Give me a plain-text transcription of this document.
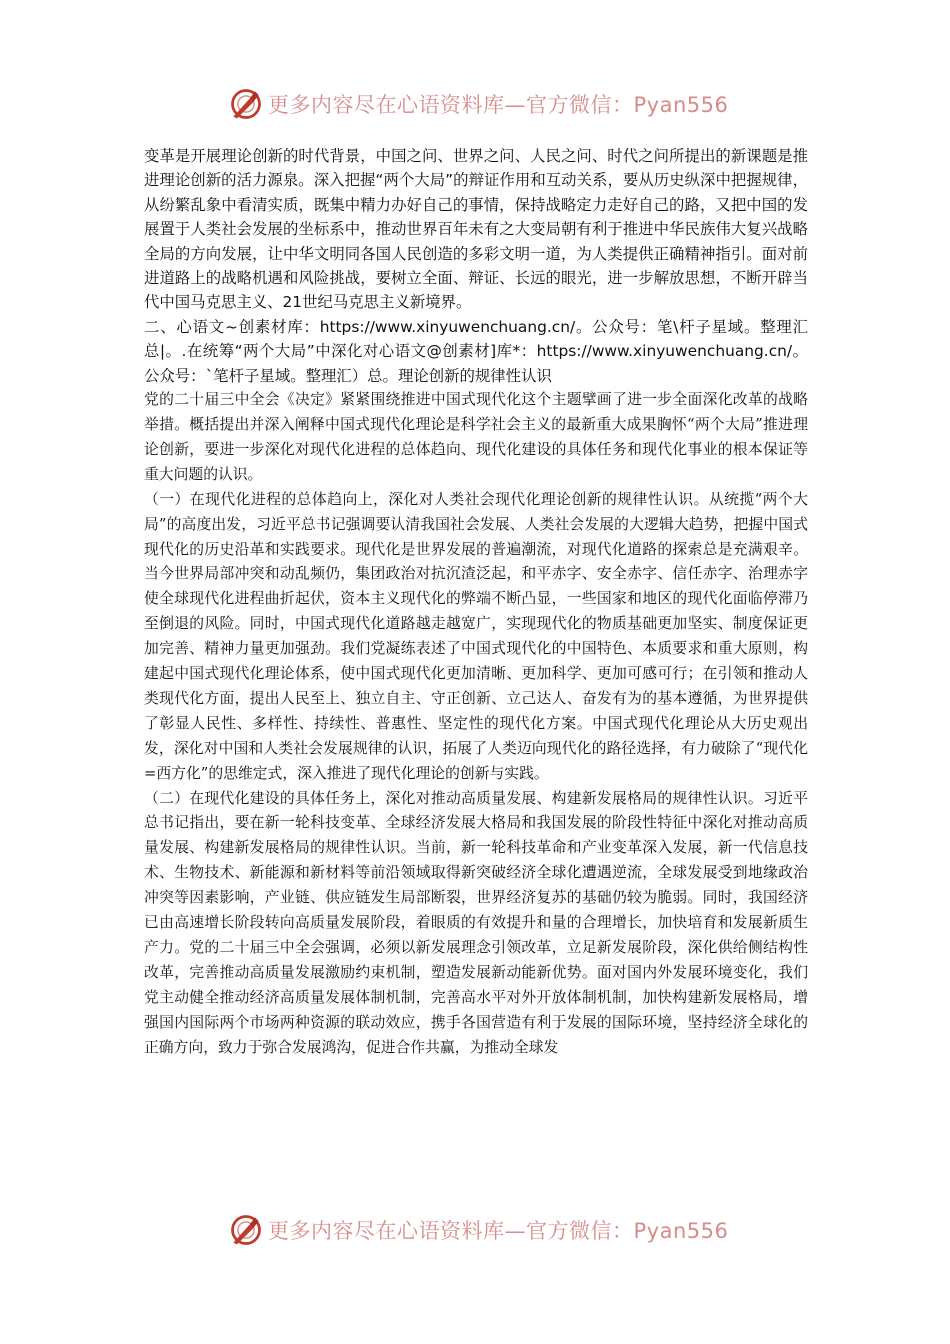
更多内容尽在心语资料库—官方微信：Pyan556

变革是开展理论创新的时代背景，中国之问、世界之问、人民之问、时代之问所提出的新课题是推进理论创新的活力源泉。深入把握“两个大局”的辩证作用和互动关系，要从历史纵深中把握规律，从纷繁乱象中看清实质，既集中精力办好自己的事情，保持战略定力走好自己的路，又把中国的发展置于人类社会发展的坐标系中，推动世界百年未有之大变局朝有利于推进中华民族伟大复兴战略全局的方向发展，让中华文明同各国人民创造的多彩文明一道，为人类提供正确精神指引。面对前进道路上的战略机遇和风险挑战，要树立全面、辩证、长远的眼光，进一步解放思想，不断开辟当代中国马克思主义、21世纪马克思主义新境界。

二、心语文~创素材库：https://www.xinyuwenchuang.cn/。公众号：笔\杆子星域。整理汇总|。.在统筹“两个大局”中深化对心语文@创素材]库*：https://www.xinyuwenchuang.cn/。公众号：`笔杆子星域。整理汇）总。理论创新的规律性认识

党的二十届三中全会《决定》紧紧围绕推进中国式现代化这个主题擘画了进一步全面深化改革的战略举措。概括提出并深入阐释中国式现代化理论是科学社会主义的最新重大成果胸怀“两个大局”推进理论创新，要进一步深化对现代化进程的总体趋向、现代化建设的具体任务和现代化事业的根本保证等重大问题的认识。

（一）在现代化进程的总体趋向上，深化对人类社会现代化理论创新的规律性认识。从统揽“两个大局”的高度出发，习近平总书记强调要认清我国社会发展、人类社会发展的大逻辑大趋势，把握中国式现代化的历史沿革和实践要求。现代化是世界发展的普遍潮流，对现代化道路的探索总是充满艰辛。当今世界局部冲突和动乱频仍，集团政治对抗沉渣泛起，和平赤字、安全赤字、信任赤字、治理赤字使全球现代化进程曲折起伏，资本主义现代化的弊端不断凸显，一些国家和地区的现代化面临停滞乃至倒退的风险。同时，中国式现代化道路越走越宽广，实现现代化的物质基础更加坚实、制度保证更加完善、精神力量更加强劲。我们党凝练表述了中国式现代化的中国特色、本质要求和重大原则，构建起中国式现代化理论体系，使中国式现代化更加清晰、更加科学、更加可感可行；在引领和推动人类现代化方面，提出人民至上、独立自主、守正创新、立己达人、奋发有为的基本遵循，为世界提供了彰显人民性、多样性、持续性、普惠性、坚定性的现代化方案。中国式现代化理论从大历史观出发，深化对中国和人类社会发展规律的认识，拓展了人类迈向现代化的路径选择，有力破除了“现代化=西方化”的思维定式，深入推进了现代化理论的创新与实践。

（二）在现代化建设的具体任务上，深化对推动高质量发展、构建新发展格局的规律性认识。习近平总书记指出，要在新一轮科技变革、全球经济发展大格局和我国发展的阶段性特征中深化对推动高质量发展、构建新发展格局的规律性认识。当前，新一轮科技革命和产业变革深入发展，新一代信息技术、生物技术、新能源和新材料等前沿领域取得新突破经济全球化遭遇逆流，全球发展受到地缘政治冲突等因素影响，产业链、供应链发生局部断裂，世界经济复苏的基础仍较为脆弱。同时，我国经济已由高速增长阶段转向高质量发展阶段，着眼质的有效提升和量的合理增长，加快培育和发展新质生产力。党的二十届三中全会强调，必须以新发展理念引领改革，立足新发展阶段，深化供给侧结构性改革，完善推动高质量发展激励约束机制，塑造发展新动能新优势。面对国内外发展环境变化，我们党主动健全推动经济高质量发展体制机制，完善高水平对外开放体制机制，加快构建新发展格局，增强国内国际两个市场两种资源的联动效应，携手各国营造有利于发展的国际环境，坚持经济全球化的正确方向，致力于弥合发展鸿沟，促进合作共赢，为推动全球发

更多内容尽在心语资料库—官方微信：Pyan556
